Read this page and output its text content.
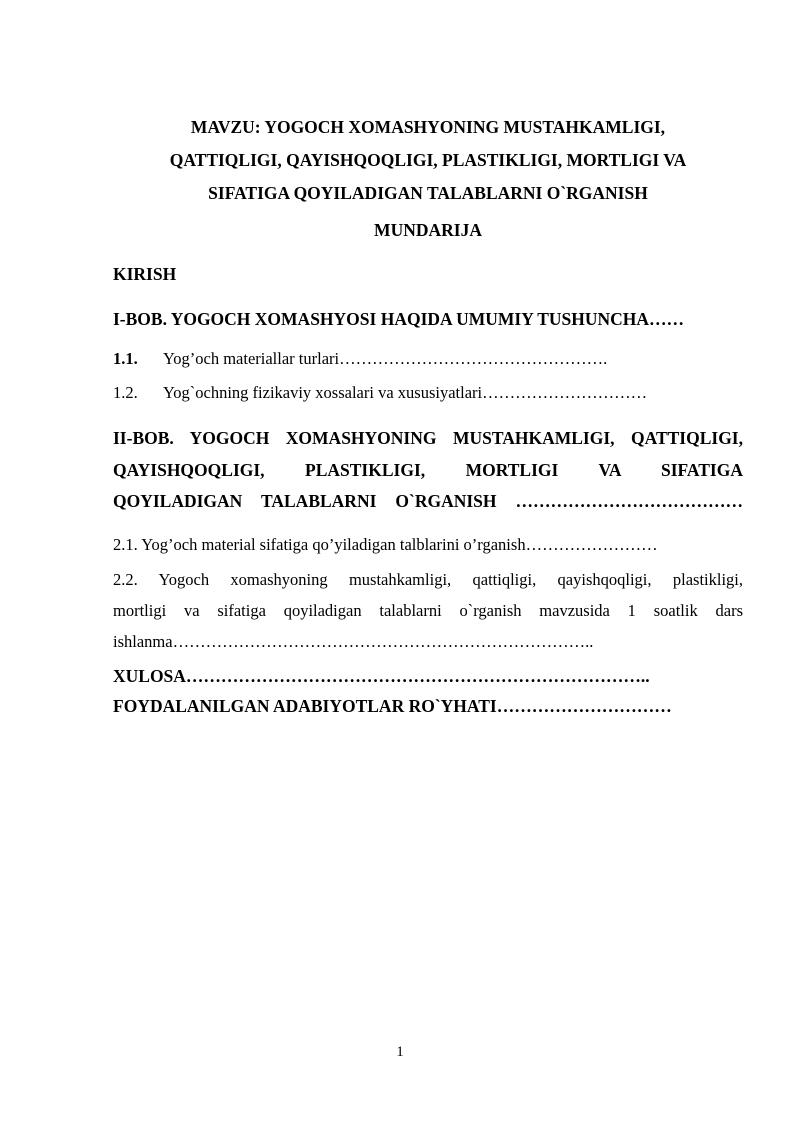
MAVZU: YOGOCH XOMASHYONING MUSTAHKAMLIGI,
QATTIQLIGI, QAYISHQOQLIGI, PLASTIKLIGI, MORTLIGI VA
SIFATIGA QOYILADIGAN TALABLARNI O`RGANISH
MUNDARIJA
KIRISH
I-BOB. YOGOCH XOMASHYOSI HAQIDA UMUMIY TUSHUNCHA……
1.1. Yog’och materiallar turlari………………………………………….
1.2. Yog`ochning fizikaviy xossalari va xususiyatlari…………………………
II-BOB. YOGOCH XOMASHYONING MUSTAHKAMLIGI, QATTIQLIGI,
QAYISHQOQLIGI, PLASTIKLIGI, MORTLIGI VA SIFATIGA
QOYILADIGAN TALABLARNI O`RGANISH …………………………………
2.1. Yog’och material sifatiga qo’yiladigan talblarini o’rganish……………………
2.2. Yogoch xomashyoning mustahkamligi, qattiqligi, qayishqoqligi, plastikligi,
mortligi va sifatiga qoyiladigan talablarni o`rganish mavzusida 1 soatlik dars
ishlanma…………………………………………………………………..
XULOSA……………………………………………………………………..
FOYDALANILGAN ADABIYOTLAR RO`YHATI…………………………
1
